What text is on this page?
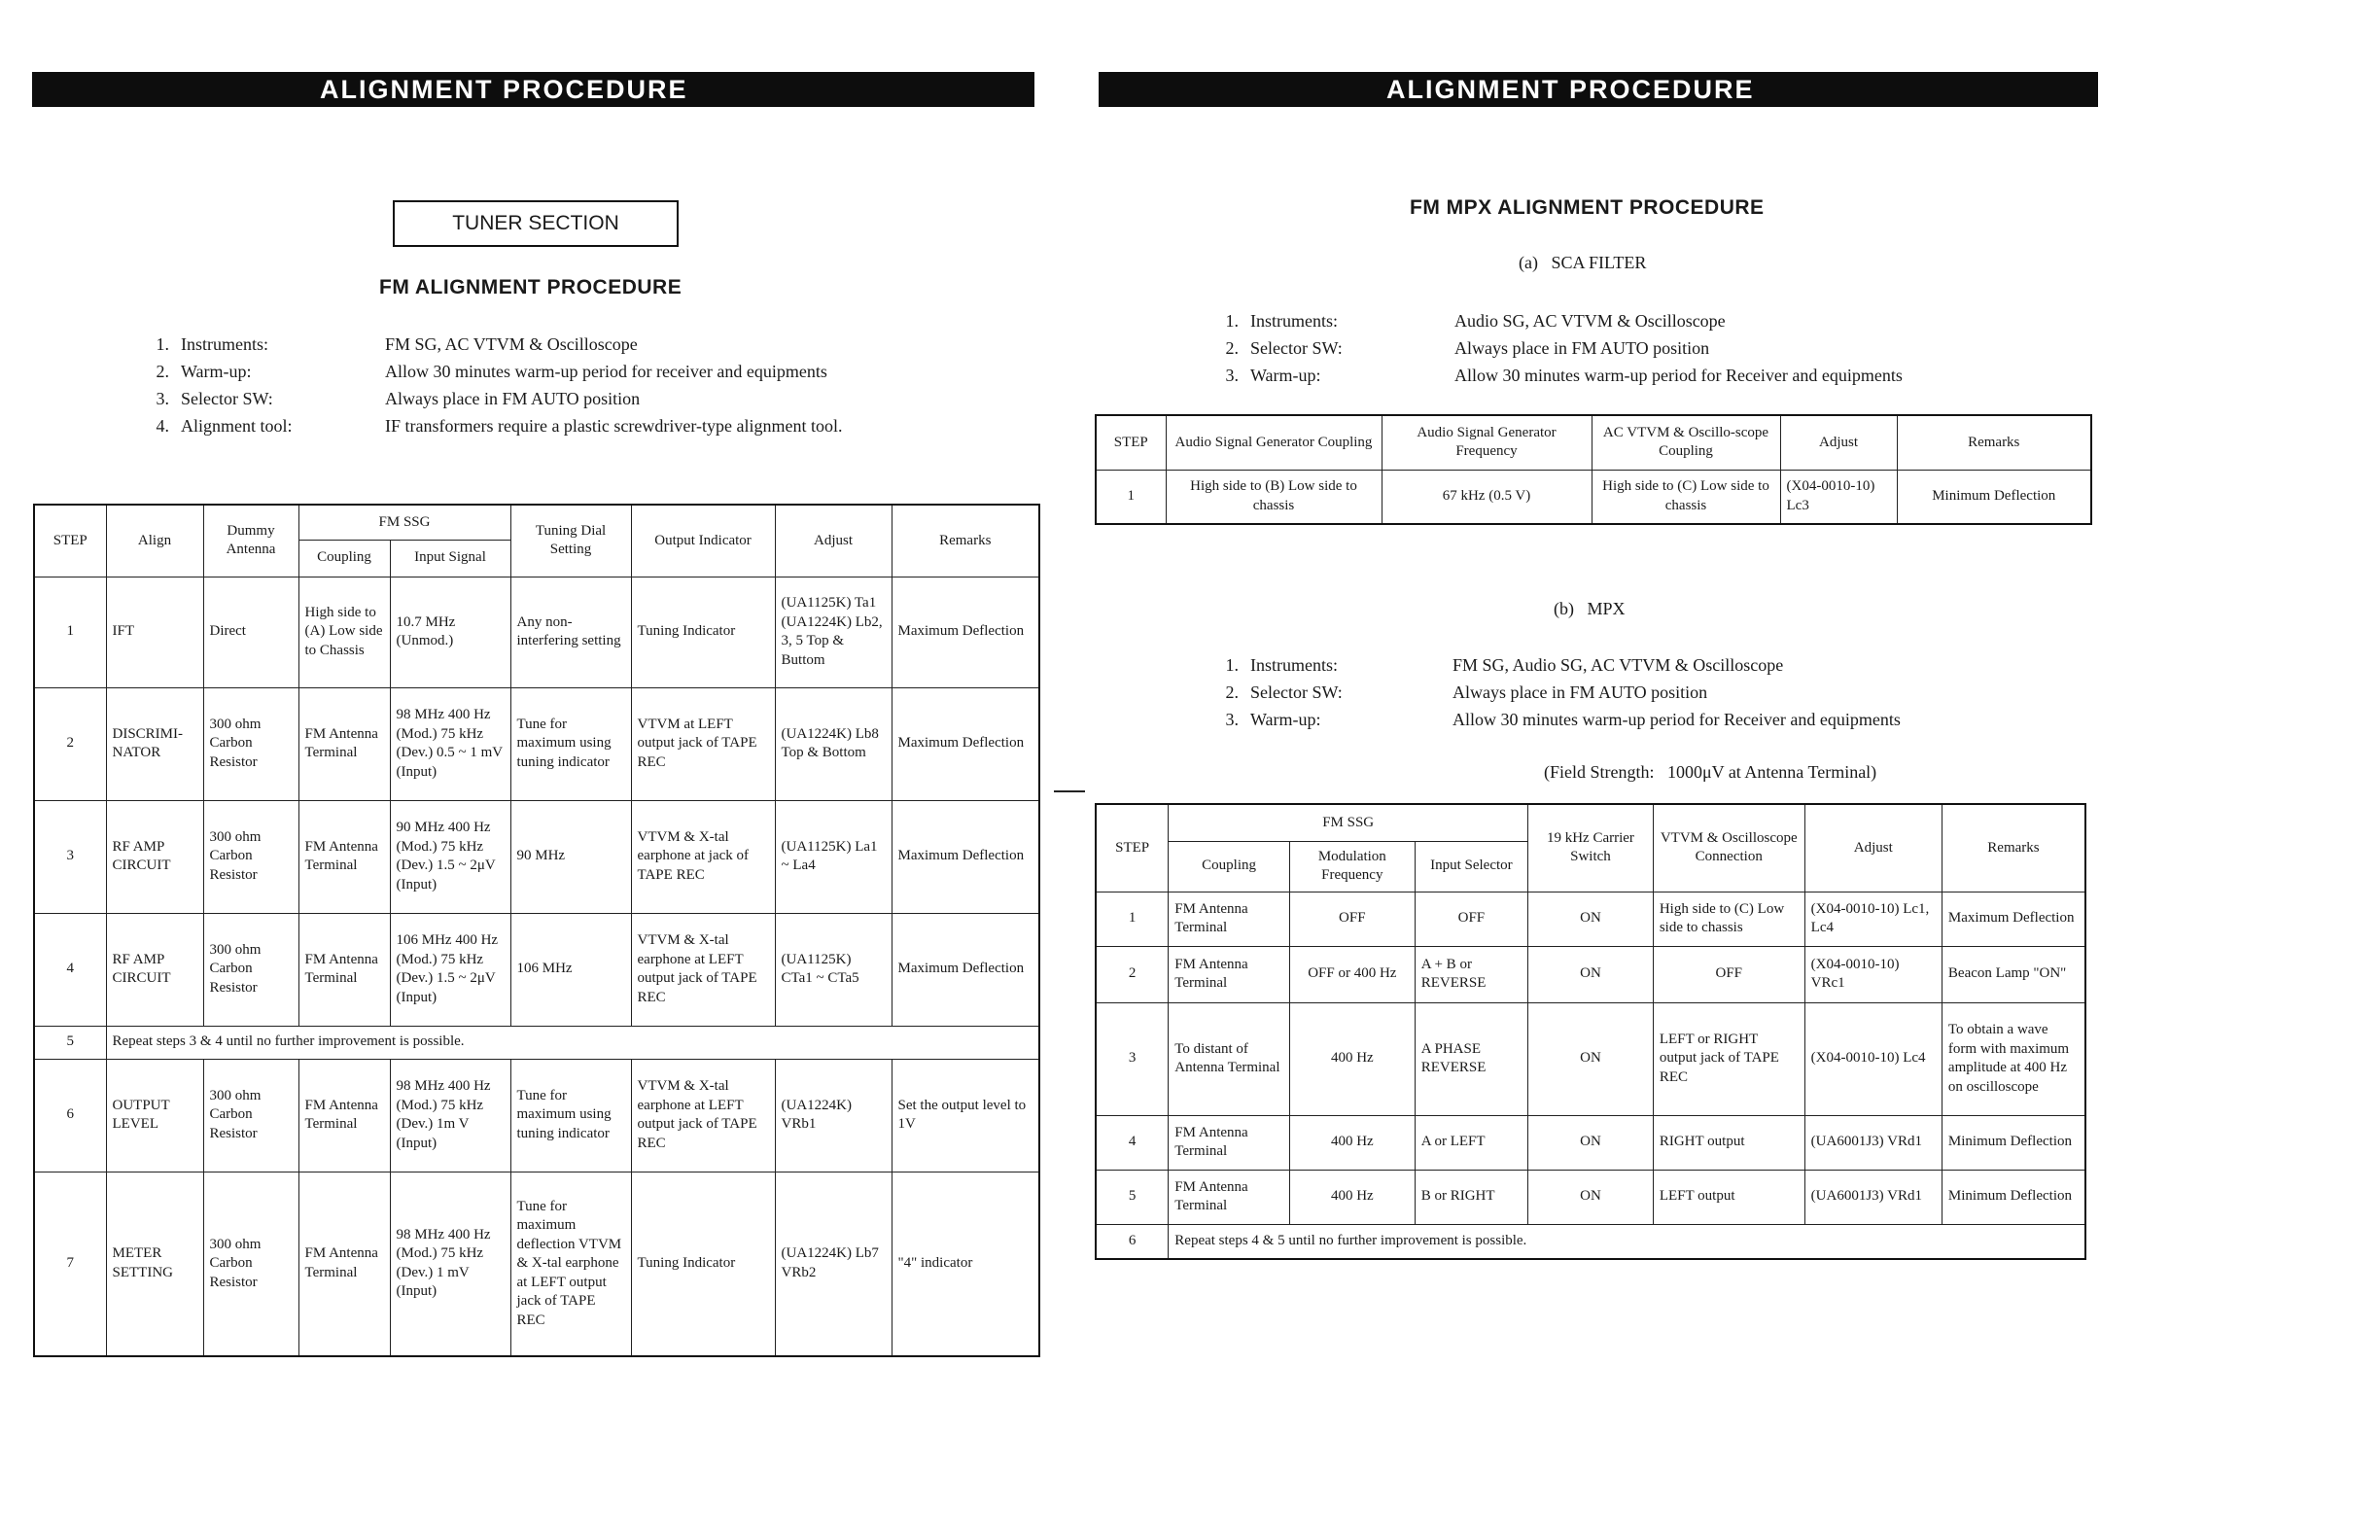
ALIGNMENT PROCEDURE
TUNER SECTION
FM ALIGNMENT PROCEDURE
1.	Instruments:	FM SG, AC VTVM & Oscilloscope
2.	Warm-up:	Allow 30 minutes warm-up period for receiver and equipments
3.	Selector SW:	Always place in FM AUTO position
4.	Alignment tool:	IF transformers require a plastic screwdriver-type alignment tool.
STEP	Align	Dummy Antenna	FM SSG		Tuning Dial Setting	Output Indicator	Adjust	Remarks
			Coupling	Input Signal				
1	IFT	Direct	High side to (A) Low side to Chassis	10.7 MHz (Unmod.)	Any non-interfering setting	Tuning Indicator	(UA1125K) Ta1 (UA1224K) Lb2, 3, 5 Top & Buttom	Maximum Deflection
2	DISCRIMI-NATOR	300 ohm Carbon Resistor	FM Antenna Terminal	98 MHz 400 Hz (Mod.) 75 kHz (Dev.) 0.5 ~ 1 mV (Input)	Tune for maximum using tuning indicator	VTVM at LEFT output jack of TAPE REC	(UA1224K) Lb8 Top & Bottom	Maximum Deflection
3	RF AMP CIRCUIT	300 ohm Carbon Resistor	FM Antenna Terminal	90 MHz 400 Hz (Mod.) 75 kHz (Dev.) 1.5 ~ 2μV (Input)	90 MHz	VTVM & X-tal earphone at jack of TAPE REC	(UA1125K) La1 ~ La4	Maximum Deflection
4	RF AMP CIRCUIT	300 ohm Carbon Resistor	FM Antenna Terminal	106 MHz 400 Hz (Mod.) 75 kHz (Dev.) 1.5 ~ 2μV (Input)	106 MHz	VTVM & X-tal earphone at LEFT output jack of TAPE REC	(UA1125K) CTa1 ~ CTa5	Maximum Deflection
5	Repeat steps 3 & 4 until no further improvement is possible.							
6	OUTPUT LEVEL	300 ohm Carbon Resistor	FM Antenna Terminal	98 MHz 400 Hz (Mod.) 75 kHz (Dev.) 1m V (Input)	Tune for maximum using tuning indicator	VTVM & X-tal earphone at LEFT output jack of TAPE REC	(UA1224K) VRb1	Set the output level to 1V
7	METER SETTING	300 ohm Carbon Resistor	FM Antenna Terminal	98 MHz 400 Hz (Mod.) 75 kHz (Dev.) 1 mV (Input)	Tune for maximum deflection VTVM & X-tal earphone at LEFT output jack of TAPE REC	Tuning Indicator	(UA1224K) Lb7 VRb2	"4" indicator
ALIGNMENT PROCEDURE
FM MPX ALIGNMENT PROCEDURE
(a)   SCA FILTER
1.	Instruments:	Audio SG, AC VTVM & Oscilloscope
2.	Selector SW:	Always place in FM AUTO position
3.	Warm-up:	Allow 30 minutes warm-up period for Receiver and equipments
STEP	Audio Signal Generator Coupling	Audio Signal Generator Frequency	AC VTVM & Oscillo-scope Coupling	Adjust	Remarks
1	High side to (B) Low side to chassis	67 kHz (0.5 V)	High side to (C) Low side to chassis	(X04-0010-10) Lc3	Minimum Deflection
(b)   MPX
1.	Instruments:	FM SG, Audio SG, AC VTVM & Oscilloscope
2.	Selector SW:	Always place in FM AUTO position
3.	Warm-up:	Allow 30 minutes warm-up period for Receiver and equipments
(Field Strength:   1000μV at Antenna Terminal)
STEP	FM SSG			19 kHz Carrier Switch	VTVM & Oscilloscope Connection	Adjust	Remarks
	Coupling	Modulation Frequency	Input Selector				
1	FM Antenna Terminal	OFF	OFF	ON	High side to (C) Low side to chassis	(X04-0010-10) Lc1, Lc4	Maximum Deflection
2	FM Antenna Terminal	OFF or 400 Hz	A + B or REVERSE	ON	OFF	(X04-0010-10) VRc1	Beacon Lamp "ON"
3	To distant of Antenna Terminal	400 Hz	A PHASE REVERSE	ON	LEFT or RIGHT output jack of TAPE REC	(X04-0010-10) Lc4	To obtain a wave form with maximum amplitude at 400 Hz on oscilloscope
4	FM Antenna Terminal	400 Hz	A or LEFT	ON	RIGHT output	(UA6001J3) VRd1	Minimum Deflection
5	FM Antenna Terminal	400 Hz	B or RIGHT	ON	LEFT output	(UA6001J3) VRd1	Minimum Deflection
6	Repeat steps 4 & 5 until no further improvement is possible.						
